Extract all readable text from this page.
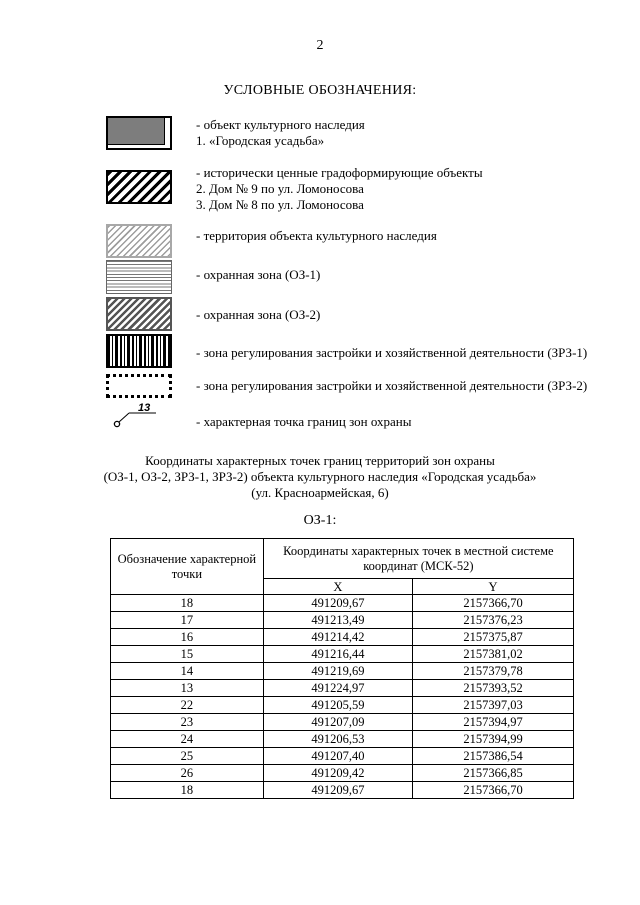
2
УСЛОВНЫЕ ОБОЗНАЧЕНИЯ:
- объект культурного наследия
1. «Городская усадьба»
- исторически ценные градоформирующие объекты
2. Дом № 9 по ул. Ломоносова
3. Дом № 8 по ул. Ломоносова
- территория объекта культурного наследия
- охранная зона (ОЗ-1)
- охранная зона (ОЗ-2)
- зона регулирования застройки и хозяйственной деятельности (ЗРЗ-1)
- зона регулирования застройки и хозяйственной деятельности (ЗРЗ-2)
13
- характерная точка границ зон охраны
Координаты характерных точек границ территорий зон охраны
(ОЗ-1, ОЗ-2, ЗРЗ-1, ЗРЗ-2) объекта культурного наследия «Городская усадьба»
(ул. Красноармейская, 6)
ОЗ-1:
Обозначение характерной точки	Координаты характерных точек в местной системе координат (МСК-52)	
	X	Y
18	491209,67	2157366,70
17	491213,49	2157376,23
16	491214,42	2157375,87
15	491216,44	2157381,02
14	491219,69	2157379,78
13	491224,97	2157393,52
22	491205,59	2157397,03
23	491207,09	2157394,97
24	491206,53	2157394,99
25	491207,40	2157386,54
26	491209,42	2157366,85
18	491209,67	2157366,70
